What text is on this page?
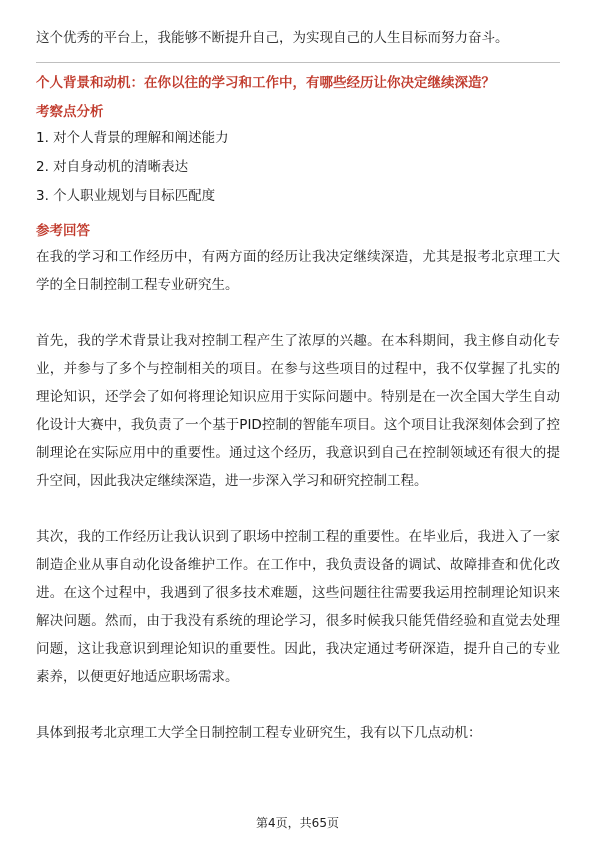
这个优秀的平台上，我能够不断提升自己，为实现自己的人生目标而努力奋斗。

个人背景和动机：在你以往的学习和工作中，有哪些经历让你决定继续深造？

考察点分析

1. 对个人背景的理解和阐述能力
2. 对自身动机的清晰表达
3. 个人职业规划与目标匹配度

参考回答

在我的学习和工作经历中，有两方面的经历让我决定继续深造，尤其是报考北京理工大学的全日制控制工程专业研究生。

首先，我的学术背景让我对控制工程产生了浓厚的兴趣。在本科期间，我主修自动化专业，并参与了多个与控制相关的项目。在参与这些项目的过程中，我不仅掌握了扎实的理论知识，还学会了如何将理论知识应用于实际问题中。特别是在一次全国大学生自动化设计大赛中，我负责了一个基于PID控制的智能车项目。这个项目让我深刻体会到了控制理论在实际应用中的重要性。通过这个经历，我意识到自己在控制领域还有很大的提升空间，因此我决定继续深造，进一步深入学习和研究控制工程。

其次，我的工作经历让我认识到了职场中控制工程的重要性。在毕业后，我进入了一家制造企业从事自动化设备维护工作。在工作中，我负责设备的调试、故障排查和优化改进。在这个过程中，我遇到了很多技术难题，这些问题往往需要我运用控制理论知识来解决问题。然而，由于我没有系统的理论学习，很多时候我只能凭借经验和直觉去处理问题，这让我意识到理论知识的重要性。因此，我决定通过考研深造，提升自己的专业素养，以便更好地适应职场需求。

具体到报考北京理工大学全日制控制工程专业研究生，我有以下几点动机：

第4页，共65页
